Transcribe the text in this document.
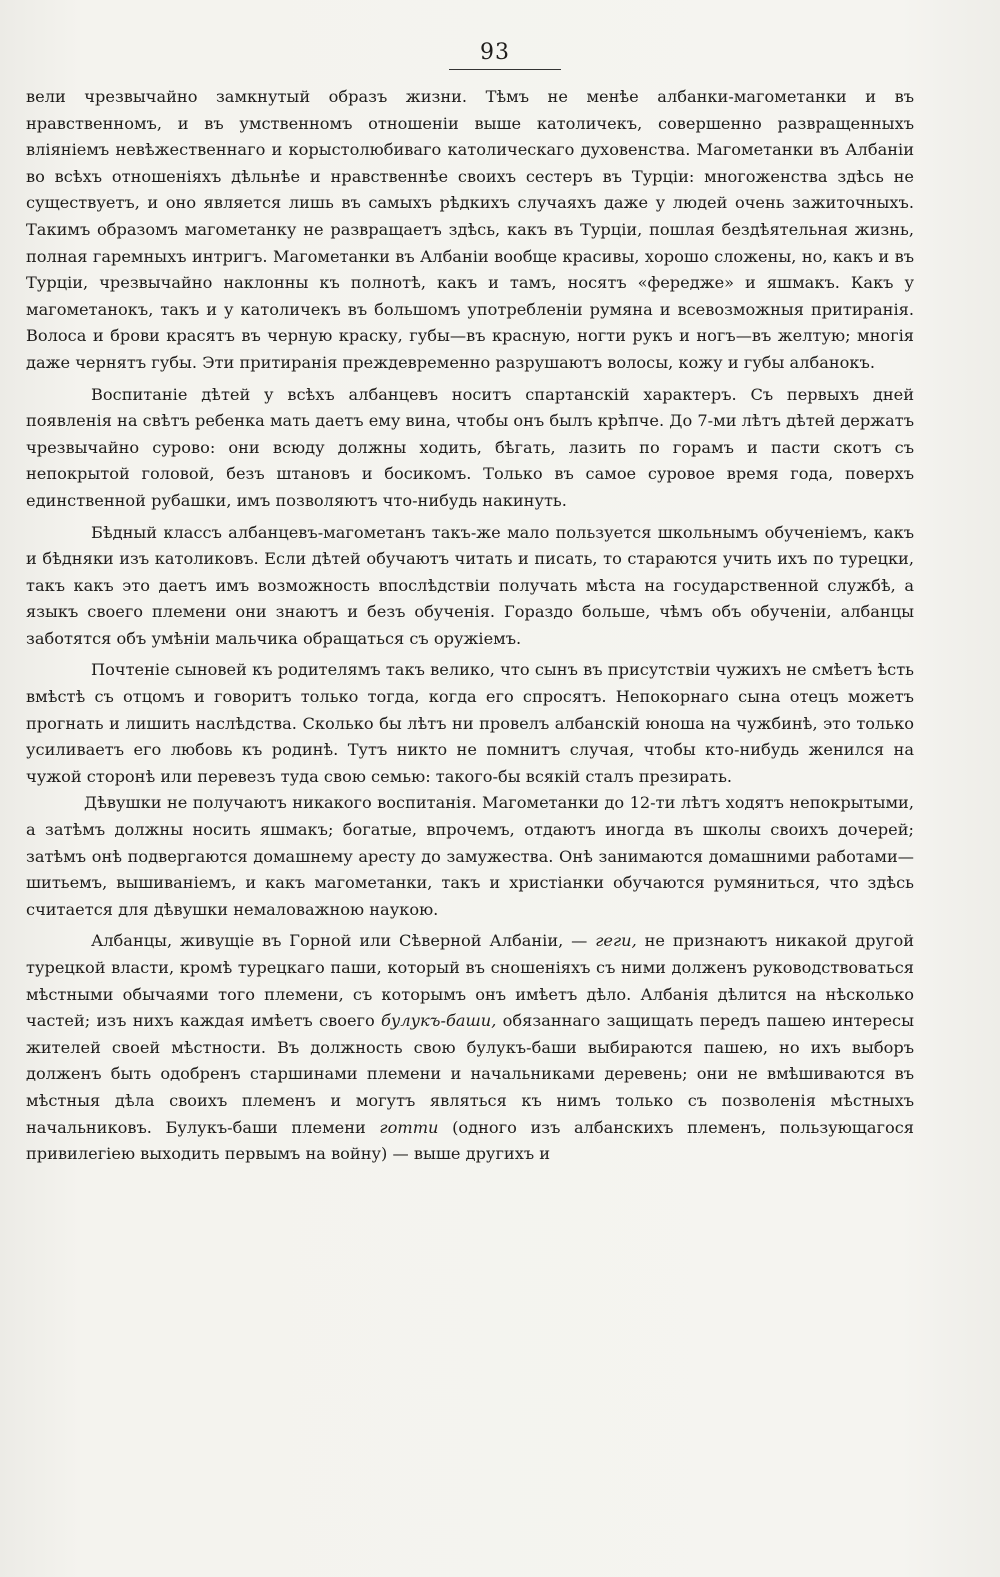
93

вели чрезвычайно замкнутый образъ жизни. Тѣмъ не менѣе албанки-магометанки и въ нравственномъ, и въ умственномъ отношенiи выше католичекъ, совершенно развращенныхъ влiянiемъ невѣжественнаго и корыстолюбиваго католическаго духовенства. Магометанки въ Албанiи во всѣхъ отношенiяхъ дѣльнѣе и нравственнѣе своихъ сестеръ въ Турцiи: многоженства здѣсь не существуетъ, и оно является лишь въ самыхъ рѣдкихъ случаяхъ даже у людей очень зажиточныхъ. Такимъ образомъ магометанку не развращаетъ здѣсь, какъ въ Турцiи, пошлая бездѣятельная жизнь, полная гаремныхъ интригъ. Магометанки въ Албанiи вообще красивы, хорошо сложены, но, какъ и въ Турцiи, чрезвычайно наклонны къ полнотѣ, какъ и тамъ, носятъ «фередже» и яшмакъ. Какъ у магометанокъ, такъ и у католичекъ въ большомъ употребленiи румяна и всевозможныя притиранiя. Волоса и брови красятъ въ черную краску, губы—въ красную, ногти рукъ и ногъ—въ желтую; многiя даже чернятъ губы. Эти притиранiя преждевременно разрушаютъ волосы, кожу и губы албанокъ.

Воспитанiе дѣтей у всѣхъ албанцевъ носитъ спартанскiй характеръ. Съ первыхъ дней появленiя на свѣтъ ребенка мать даетъ ему вина, чтобы онъ былъ крѣпче. До 7-ми лѣтъ дѣтей держатъ чрезвычайно сурово: они всюду должны ходить, бѣгать, лазить по горамъ и пасти скотъ съ непокрытой головой, безъ штановъ и босикомъ. Только въ самое суровое время года, поверхъ единственной рубашки, имъ позволяютъ что-нибудь накинуть.

Бѣдный классъ албанцевъ-магометанъ такъ-же мало пользуется школьнымъ обученiемъ, какъ и бѣдняки изъ католиковъ. Если дѣтей обучаютъ читать и писать, то стараются учить ихъ по турецки, такъ какъ это даетъ имъ возможность впослѣдствiи получать мѣста на государственной службѣ, а языкъ своего племени они знаютъ и безъ обученiя. Гораздо больше, чѣмъ объ обученiи, албанцы заботятся объ умѣнiи мальчика обращаться съ оружiемъ.

Почтенiе сыновей къ родителямъ такъ велико, что сынъ въ присутствiи чужихъ не смѣетъ ѣсть вмѣстѣ съ отцомъ и говоритъ только тогда, когда его спросятъ. Непокорнаго сына отецъ можетъ прогнать и лишить наслѣдства. Сколько бы лѣтъ ни провелъ албанскiй юноша на чужбинѣ, это только усиливаетъ его любовь къ родинѣ. Тутъ никто не помнитъ случая, чтобы кто-нибудь женился на чужой сторонѣ или перевезъ туда свою семью: такого-бы всякiй сталъ презирать.

Дѣвушки не получаютъ никакого воспитанiя. Магометанки до 12-ти лѣтъ ходятъ непокрытыми, а затѣмъ должны носить яшмакъ; богатые, впрочемъ, отдаютъ иногда въ школы своихъ дочерей; затѣмъ онѣ подвергаются домашнему аресту до замужества. Онѣ занимаются домашними работами—шитьемъ, вышиванiемъ, и какъ магометанки, такъ и христiанки обучаются румяниться, что здѣсь считается для дѣвушки немаловажною наукою.

Албанцы, живущiе въ Горной или Сѣверной Албанiи, — геги, не признаютъ никакой другой турецкой власти, кромѣ турецкаго паши, который въ сношенiяхъ съ ними долженъ руководствоваться мѣстными обычаями того племени, съ которымъ онъ имѣетъ дѣло. Албанiя дѣлится на нѣсколько частей; изъ нихъ каждая имѣетъ своего булукъ-баши, обязаннаго защищать передъ пашею интересы жителей своей мѣстности. Въ должность свою булукъ-баши выбираются пашею, но ихъ выборъ долженъ быть одобренъ старшинами племени и начальниками деревень; они не вмѣшиваются въ мѣстныя дѣла своихъ племенъ и могутъ являться къ нимъ только съ позволенiя мѣстныхъ начальниковъ. Булукъ-баши племени готти (одного изъ албанскихъ племенъ, пользующагося привилегiею выходить первымъ на войну) — выше другихъ и
